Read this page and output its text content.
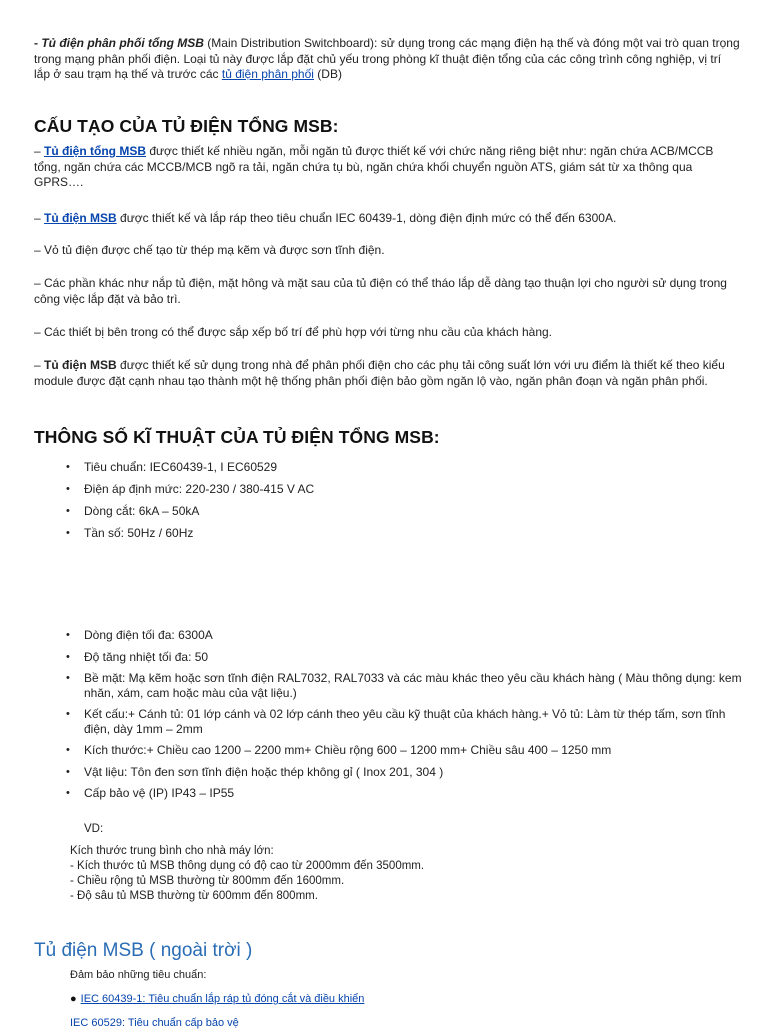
- Tủ điện phân phối tổng MSB (Main Distribution Switchboard): sử dụng trong các mạng điện hạ thế và đóng một vai trò quan trọng trong mạng phân phối điện. Loại tủ này được lắp đặt chủ yếu trong phòng kĩ thuật điện tổng của các công trình công nghiệp, vị trí lắp ở sau trạm hạ thế và trước các tủ điện phân phối (DB)

CẤU TẠO CỦA TỦ ĐIỆN TỔNG MSB:

– Tủ điện tổng MSB được thiết kế nhiều ngăn, mỗi ngăn tủ được thiết kế với chức năng riêng biệt như: ngăn chứa ACB/MCCB tổng, ngăn chứa các MCCB/MCB ngõ ra tải, ngăn chứa tụ bù, ngăn chứa khối chuyển nguồn ATS, giám sát từ xa thông qua GPRS….

– Tủ điện MSB được thiết kế và lắp ráp theo tiêu chuẩn IEC 60439-1, dòng điện định mức có thể đến 6300A.

– Vỏ tủ điện được chế tạo từ thép mạ kẽm và được sơn tĩnh điện.

– Các phần khác như nắp tủ điện, mặt hông và mặt sau của tủ điện có thể tháo lắp dễ dàng tạo thuận lợi cho người sử dụng trong công việc lắp đặt và bảo trì.

– Các thiết bị bên trong có thể được sắp xếp bố trí để phù hợp với từng nhu cầu của khách hàng.

– Tủ điện MSB được thiết kế sử dụng trong nhà để phân phối điện cho các phụ tải công suất lớn với ưu điểm là thiết kế theo kiểu module được đặt cạnh nhau tạo thành một hệ thống phân phối điện bảo gồm ngăn lộ vào, ngăn phân đoạn và ngăn phân phối.

THÔNG SỐ KĨ THUẬT CỦA TỦ ĐIỆN TỔNG MSB:
• Tiêu chuẩn: IEC60439-1, I EC60529
• Điện áp định mức: 220-230 / 380-415 V AC
• Dòng cắt: 6kA – 50kA
• Tần số: 50Hz / 60Hz
• Dòng điện tối đa: 6300A
• Độ tăng nhiệt tối đa: 50
• Bề mặt: Mạ kẽm hoặc sơn tĩnh điện RAL7032, RAL7033 và các màu khác theo yêu cầu khách hàng ( Màu thông dụng: kem nhăn, xám, cam hoặc màu của vật liệu.)
• Kết cấu:+ Cánh tủ: 01 lớp cánh và 02 lớp cánh theo yêu cầu kỹ thuật của khách hàng.+ Vỏ tủ: Làm từ thép tấm, sơn tĩnh điện, dày 1mm – 2mm
• Kích thước:+ Chiều cao 1200 – 2200 mm+ Chiều rộng 600 – 1200 mm+ Chiều sâu 400 – 1250 mm
• Vật liệu: Tôn đen sơn tĩnh điện hoặc thép không gỉ ( Inox 201, 304 )
• Cấp bảo vệ (IP) IP43 – IP55
VD:
Kích thước trung bình cho nhà máy lớn:
- Kích thước tủ MSB thông dụng có độ cao từ 2000mm đến 3500mm.
- Chiều rộng tủ MSB thường từ 800mm đến 1600mm.
- Độ sâu tủ MSB thường từ 600mm đến 800mm.
Tủ điện MSB ( ngoài trời )
Đảm bảo những tiêu chuẩn:
● IEC 60439-1: Tiêu chuẩn lắp ráp tủ đóng cắt và điều khiển
IEC 60529: Tiêu chuẩn cấp bảo vệ
